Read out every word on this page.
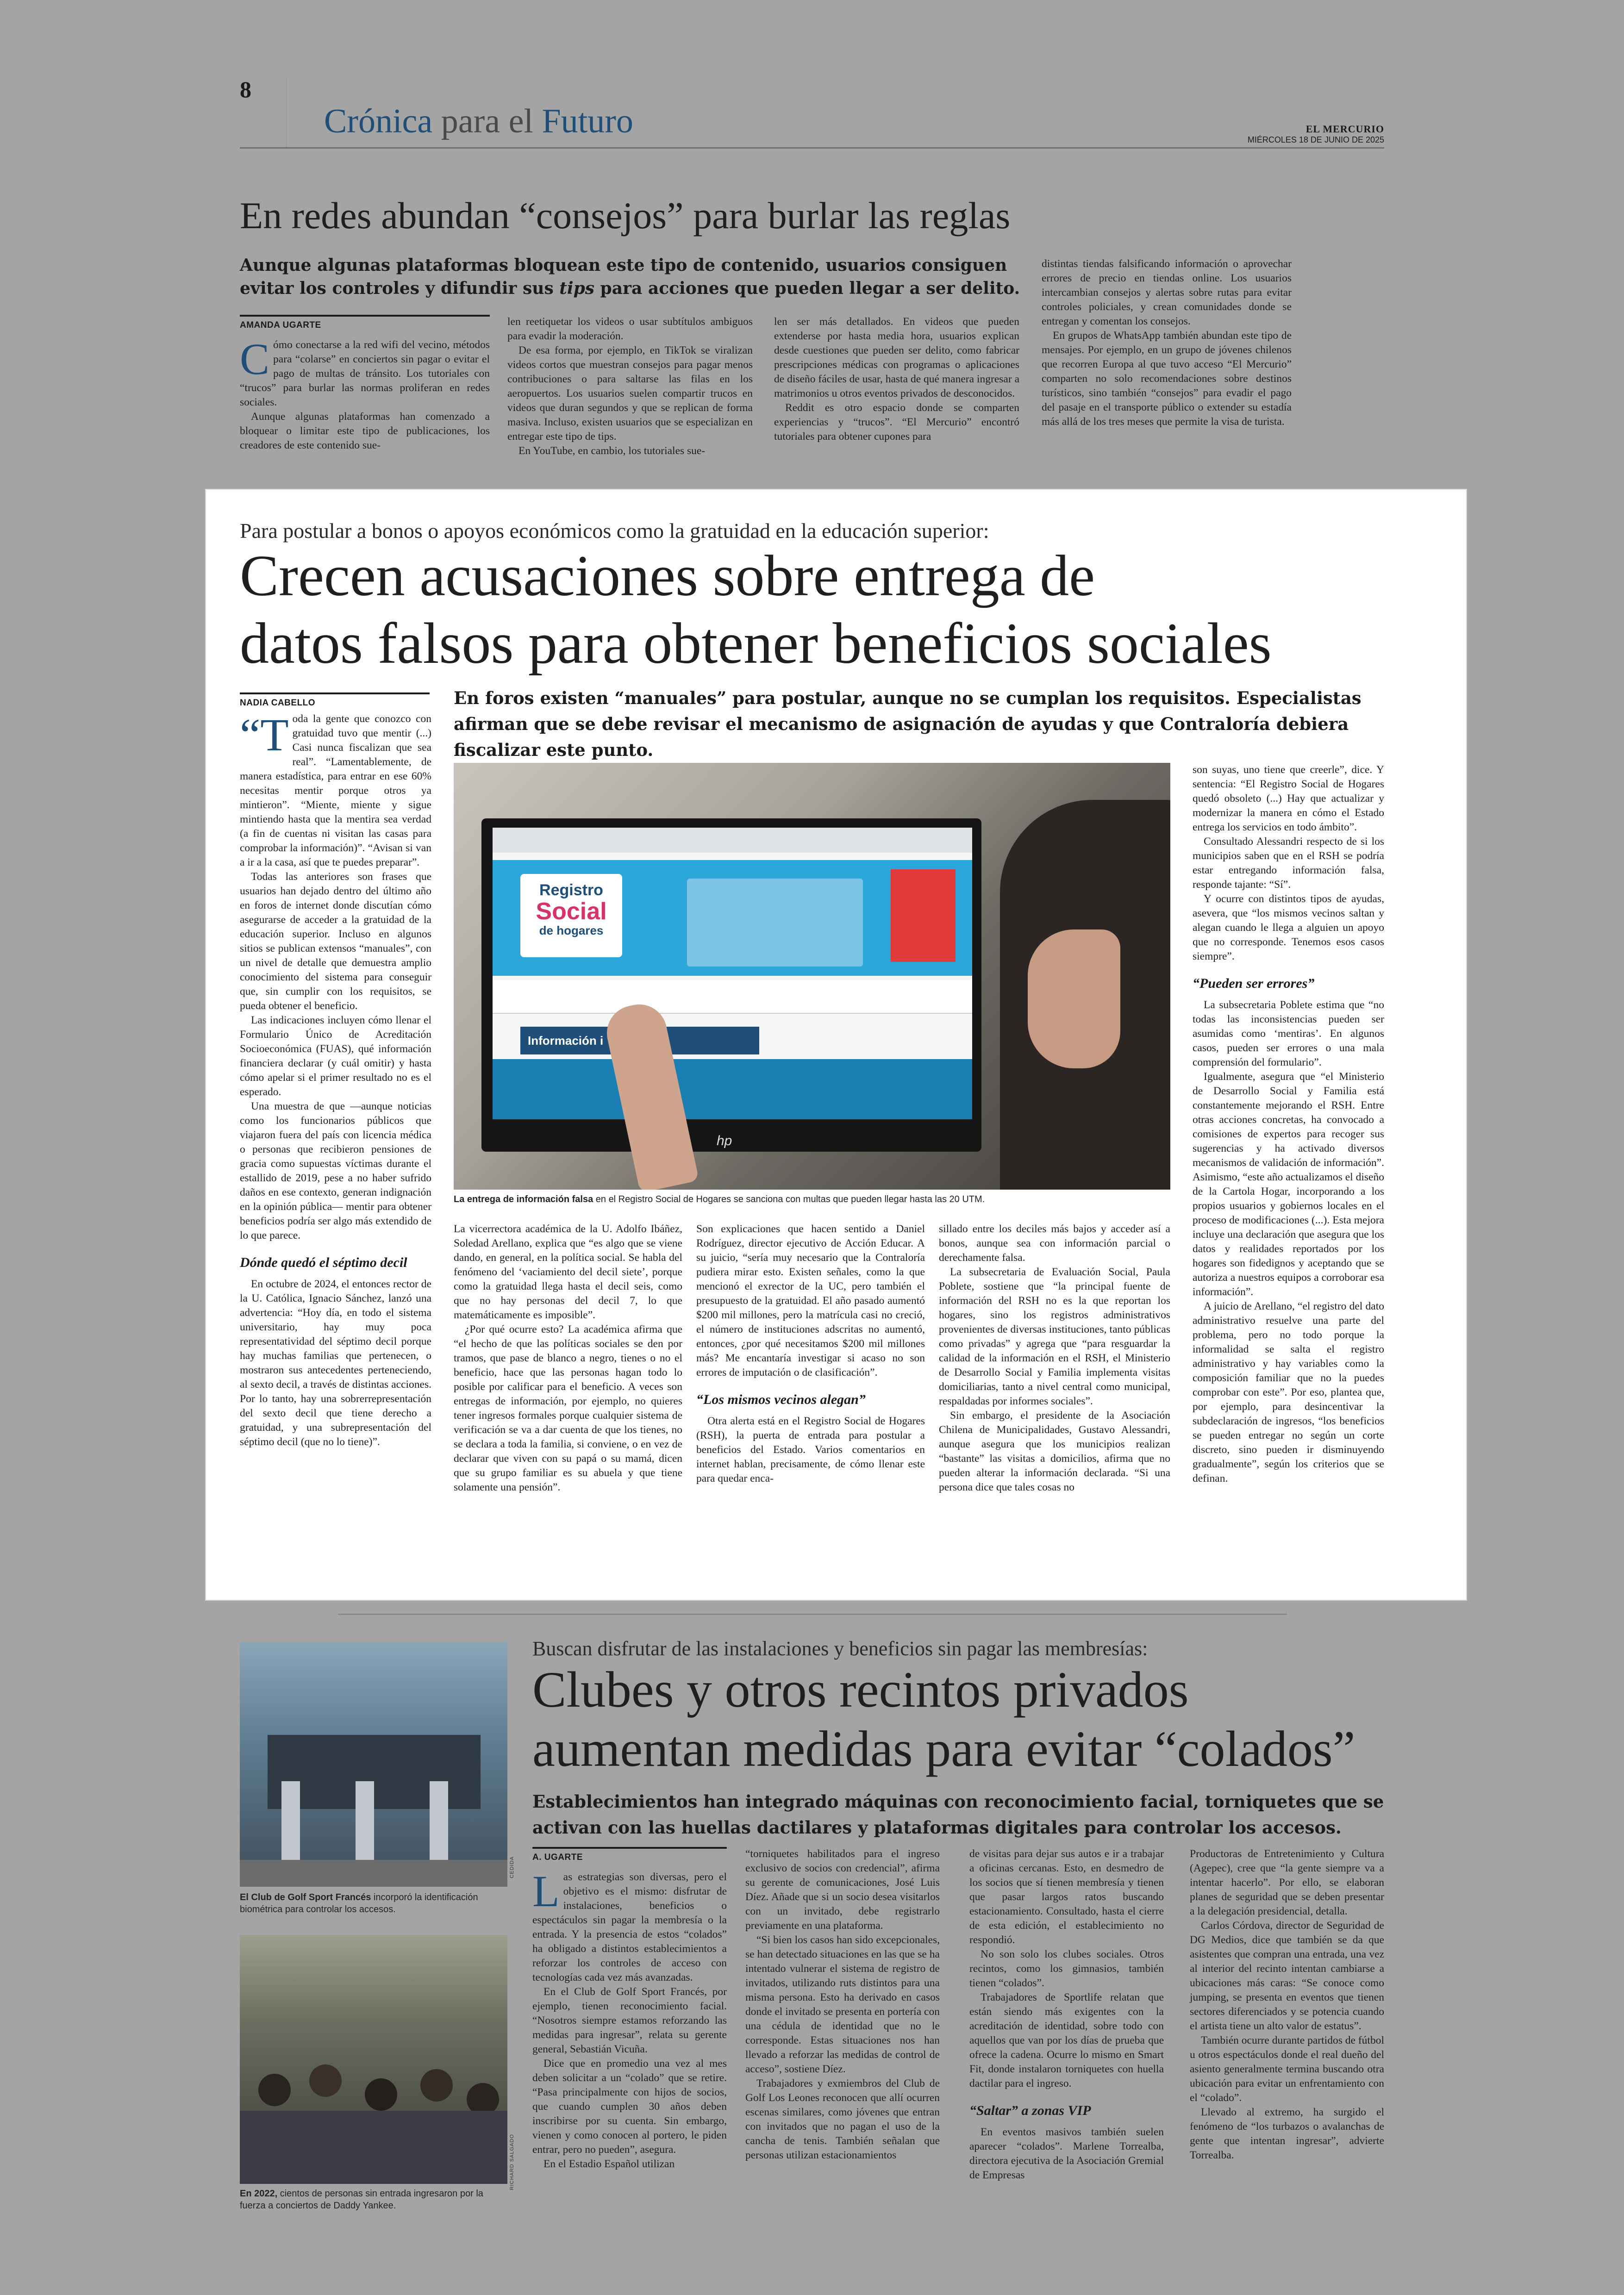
8
Crónica para el Futuro	EL MERCURIO
MIÉRCOLES 18 DE JUNIO DE 2025
En redes abundan “consejos” para burlar las reglas
Aunque algunas plataformas bloquean este tipo de contenido, usuarios consiguen evitar los controles y difundir sus tips para acciones que pueden llegar a ser delito.
AMANDA UGARTE
C ómo conectarse a la red wifi del vecino, métodos para “colarse” en conciertos sin pagar o evitar el pago de multas de tránsito. Los tutoriales con “trucos” para burlar las normas proliferan en redes sociales.

Aunque algunas plataformas han comenzado a bloquear o limitar este tipo de publicaciones, los creadores de este contenido sue-

len reetiquetar los videos o usar subtítulos ambiguos para evadir la moderación.

De esa forma, por ejemplo, en TikTok se viralizan videos cortos que muestran consejos para pagar menos contribuciones o para saltarse las filas en los aeropuertos. Los usuarios suelen compartir trucos en videos que duran segundos y que se replican de forma masiva. Incluso, existen usuarios que se especializan en entregar este tipo de tips.

En YouTube, en cambio, los tutoriales sue-

len ser más detallados. En videos que pueden extenderse por hasta media hora, usuarios explican desde cuestiones que pueden ser delito, como fabricar prescripciones médicas con programas o aplicaciones de diseño fáciles de usar, hasta de qué manera ingresar a matrimonios u otros eventos privados de desconocidos.

Reddit es otro espacio donde se comparten experiencias y “trucos”. “El Mercurio” encontró tutoriales para obtener cupones para

distintas tiendas falsificando información o aprovechar errores de precio en tiendas online. Los usuarios intercambian consejos y alertas sobre rutas para evitar controles policiales, y crean comunidades donde se entregan y comentan los consejos.

En grupos de WhatsApp también abundan este tipo de mensajes. Por ejemplo, en un grupo de jóvenes chilenos que recorren Europa al que tuvo acceso “El Mercurio” comparten no solo recomendaciones sobre destinos turísticos, sino también “consejos” para evadir el pago del pasaje en el transporte público o extender su estadía más allá de los tres meses que permite la visa de turista.

Para postular a bonos o apoyos económicos como la gratuidad en la educación superior:
Crecen acusaciones sobre entrega de
datos falsos para obtener beneficios sociales
NADIA CABELLO	En foros existen “manuales” para postular, aunque no se cumplan los requisitos. Especialistas afirman que se debe revisar el mecanismo de asignación de ayudas y que Contraloría debiera fiscalizar este punto.
“T oda la gente que conozco con gratuidad tuvo que mentir (...) Casi nunca fiscalizan que sea real”. “Lamentablemente, de manera estadística, para entrar en ese 60% necesitas mentir porque otros ya mintieron”. “Miente, miente y sigue mintiendo hasta que la mentira sea verdad (a fin de cuentas ni visitan las casas para comprobar la información)”. “Avisan si van a ir a la casa, así que te puedes preparar”.

Todas las anteriores son frases que usuarios han dejado dentro del último año en foros de internet donde discutían cómo asegurarse de acceder a la gratuidad de la educación superior. Incluso en algunos sitios se publican extensos “manuales”, con un nivel de detalle que demuestra amplio conocimiento del sistema para conseguir que, sin cumplir con los requisitos, se pueda obtener el beneficio.

Las indicaciones incluyen cómo llenar el Formulario Único de Acreditación Socioeconómica (FUAS), qué información financiera declarar (y cuál omitir) y hasta cómo apelar si el primer resultado no es el esperado.

Una muestra de que —aunque noticias como los funcionarios públicos que viajaron fuera del país con licencia médica o personas que recibieron pensiones de gracia como supuestas víctimas durante el estallido de 2019, pese a no haber sufrido daños en ese contexto, generan indignación en la opinión pública— mentir para obtener beneficios podría ser algo más extendido de lo que parece.

Dónde quedó el séptimo decil

En octubre de 2024, el entonces rector de la U. Católica, Ignacio Sánchez, lanzó una advertencia: “Hoy día, en todo el sistema universitario, hay muy poca representatividad del séptimo decil porque hay muchas familias que pertenecen, o mostraron sus antecedentes perteneciendo, al sexto decil, a través de distintas acciones. Por lo tanto, hay una sobrerrepresentación del sexto decil que tiene derecho a gratuidad, y una subrepresentación del séptimo decil (que no lo tiene)”.

Registro
Social
de hogares
Información i
hp
La entrega de información falsa en el Registro Social de Hogares se sanciona con multas que pueden llegar hasta las 20 UTM.

La vicerrectora académica de la U. Adolfo Ibáñez, Soledad Arellano, explica que “es algo que se viene dando, en general, en la política social. Se habla del fenómeno del ‘vaciamiento del decil siete’, porque como la gratuidad llega hasta el decil seis, como que no hay personas del decil 7, lo que matemáticamente es imposible”.

¿Por qué ocurre esto? La académica afirma que “el hecho de que las políticas sociales se den por tramos, que pase de blanco a negro, tienes o no el beneficio, hace que las personas hagan todo lo posible por calificar para el beneficio. A veces son entregas de información, por ejemplo, no quieres tener ingresos formales porque cualquier sistema de verificación se va a dar cuenta de que los tienes, no se declara a toda la familia, si conviene, o en vez de declarar que viven con su papá o su mamá, dicen que su grupo familiar es su abuela y que tiene solamente una pensión”.

Son explicaciones que hacen sentido a Daniel Rodríguez, director ejecutivo de Acción Educar. A su juicio, “sería muy necesario que la Contraloría pudiera mirar esto. Existen señales, como la que mencionó el exrector de la UC, pero también el presupuesto de la gratuidad. El año pasado aumentó $200 mil millones, pero la matrícula casi no creció, el número de instituciones adscritas no aumentó, entonces, ¿por qué necesitamos $200 mil millones más? Me encantaría investigar si acaso no son errores de imputación o de clasificación”.

“Los mismos vecinos alegan”

Otra alerta está en el Registro Social de Hogares (RSH), la puerta de entrada para postular a beneficios del Estado. Varios comentarios en internet hablan, precisamente, de cómo llenar este para quedar enca-

sillado entre los deciles más bajos y acceder así a bonos, aunque sea con información parcial o derechamente falsa.

La subsecretaria de Evaluación Social, Paula Poblete, sostiene que “la principal fuente de información del RSH no es la que reportan los hogares, sino los registros administrativos provenientes de diversas instituciones, tanto públicas como privadas” y agrega que “para resguardar la calidad de la información en el RSH, el Ministerio de Desarrollo Social y Familia implementa visitas domiciliarias, tanto a nivel central como municipal, respaldadas por informes sociales”.

Sin embargo, el presidente de la Asociación Chilena de Municipalidades, Gustavo Alessandri, aunque asegura que los municipios realizan “bastante” las visitas a domicilios, afirma que no pueden alterar la información declarada. “Si una persona dice que tales cosas no

son suyas, uno tiene que creerle”, dice. Y sentencia: “El Registro Social de Hogares quedó obsoleto (...) Hay que actualizar y modernizar la manera en cómo el Estado entrega los servicios en todo ámbito”.

Consultado Alessandri respecto de si los municipios saben que en el RSH se podría estar entregando información falsa, responde tajante: “Sí”.

Y ocurre con distintos tipos de ayudas, asevera, que “los mismos vecinos saltan y alegan cuando le llega a alguien un apoyo que no corresponde. Tenemos esos casos siempre”.

“Pueden ser errores”

La subsecretaria Poblete estima que “no todas las inconsistencias pueden ser asumidas como ‘mentiras’. En algunos casos, pueden ser errores o una mala comprensión del formulario”.

Igualmente, asegura que “el Ministerio de Desarrollo Social y Familia está constantemente mejorando el RSH. Entre otras acciones concretas, ha convocado a comisiones de expertos para recoger sus sugerencias y ha activado diversos mecanismos de validación de información”. Asimismo, “este año actualizamos el diseño de la Cartola Hogar, incorporando a los propios usuarios y gobiernos locales en el proceso de modificaciones (...). Esta mejora incluye una declaración que asegura que los datos y realidades reportados por los hogares son fidedignos y aceptando que se autoriza a nuestros equipos a corroborar esa información”.

A juicio de Arellano, “el registro del dato administrativo resuelve una parte del problema, pero no todo porque la informalidad se salta el registro administrativo y hay variables como la composición familiar que no la puedes comprobar con este”. Por eso, plantea que, por ejemplo, para desincentivar la subdeclaración de ingresos, “los beneficios se pueden entregar no según un corte discreto, sino pueden ir disminuyendo gradualmente”, según los criterios que se definan.

CEDIDA
El Club de Golf Sport Francés incorporó la identificación biométrica para controlar los accesos.
RICHARD SALGADO
En 2022, cientos de personas sin entrada ingresaron por la fuerza a conciertos de Daddy Yankee.
Buscan disfrutar de las instalaciones y beneficios sin pagar las membresías:
Clubes y otros recintos privados
aumentan medidas para evitar “colados”
Establecimientos han integrado máquinas con reconocimiento facial, torniquetes que se activan con las huellas dactilares y plataformas digitales para controlar los accesos.
A. UGARTE
L as estrategias son diversas, pero el objetivo es el mismo: disfrutar de instalaciones, beneficios o espectáculos sin pagar la membresía o la entrada. Y la presencia de estos “colados” ha obligado a distintos establecimientos a reforzar los controles de acceso con tecnologías cada vez más avanzadas.

En el Club de Golf Sport Francés, por ejemplo, tienen reconocimiento facial. “Nosotros siempre estamos reforzando las medidas para ingresar”, relata su gerente general, Sebastián Vicuña.

Dice que en promedio una vez al mes deben solicitar a un “colado” que se retire. “Pasa principalmente con hijos de socios, que cuando cumplen 30 años deben inscribirse por su cuenta. Sin embargo, vienen y como conocen al portero, le piden entrar, pero no pueden”, asegura.

En el Estadio Español utilizan

“torniquetes habilitados para el ingreso exclusivo de socios con credencial”, afirma su gerente de comunicaciones, José Luis Díez. Añade que si un socio desea visitarlos con un invitado, debe registrarlo previamente en una plataforma.

“Si bien los casos han sido excepcionales, se han detectado situaciones en las que se ha intentado vulnerar el sistema de registro de invitados, utilizando ruts distintos para una misma persona. Esto ha derivado en casos donde el invitado se presenta en portería con una cédula de identidad que no le corresponde. Estas situaciones nos han llevado a reforzar las medidas de control de acceso”, sostiene Díez.

Trabajadores y exmiembros del Club de Golf Los Leones reconocen que allí ocurren escenas similares, como jóvenes que entran con invitados que no pagan el uso de la cancha de tenis. También señalan que personas utilizan estacionamientos

de visitas para dejar sus autos e ir a trabajar a oficinas cercanas. Esto, en desmedro de los socios que sí tienen membresía y tienen que pasar largos ratos buscando estacionamiento. Consultado, hasta el cierre de esta edición, el establecimiento no respondió.

No son solo los clubes sociales. Otros recintos, como los gimnasios, también tienen “colados”.

Trabajadores de Sportlife relatan que están siendo más exigentes con la acreditación de identidad, sobre todo con aquellos que van por los días de prueba que ofrece la cadena. Ocurre lo mismo en Smart Fit, donde instalaron torniquetes con huella dactilar para el ingreso.

“Saltar” a zonas VIP

En eventos masivos también suelen aparecer “colados”. Marlene Torrealba, directora ejecutiva de la Asociación Gremial de Empresas

Productoras de Entretenimiento y Cultura (Agepec), cree que “la gente siempre va a intentar hacerlo”. Por ello, se elaboran planes de seguridad que se deben presentar a la delegación presidencial, detalla.

Carlos Córdova, director de Seguridad de DG Medios, dice que también se da que asistentes que compran una entrada, una vez al interior del recinto intentan cambiarse a ubicaciones más caras: “Se conoce como jumping, se presenta en eventos que tienen sectores diferenciados y se potencia cuando el artista tiene un alto valor de estatus”.

También ocurre durante partidos de fútbol u otros espectáculos donde el real dueño del asiento generalmente termina buscando otra ubicación para evitar un enfrentamiento con el “colado”.

Llevado al extremo, ha surgido el fenómeno de “los turbazos o avalanchas de gente que intentan ingresar”, advierte Torrealba.
